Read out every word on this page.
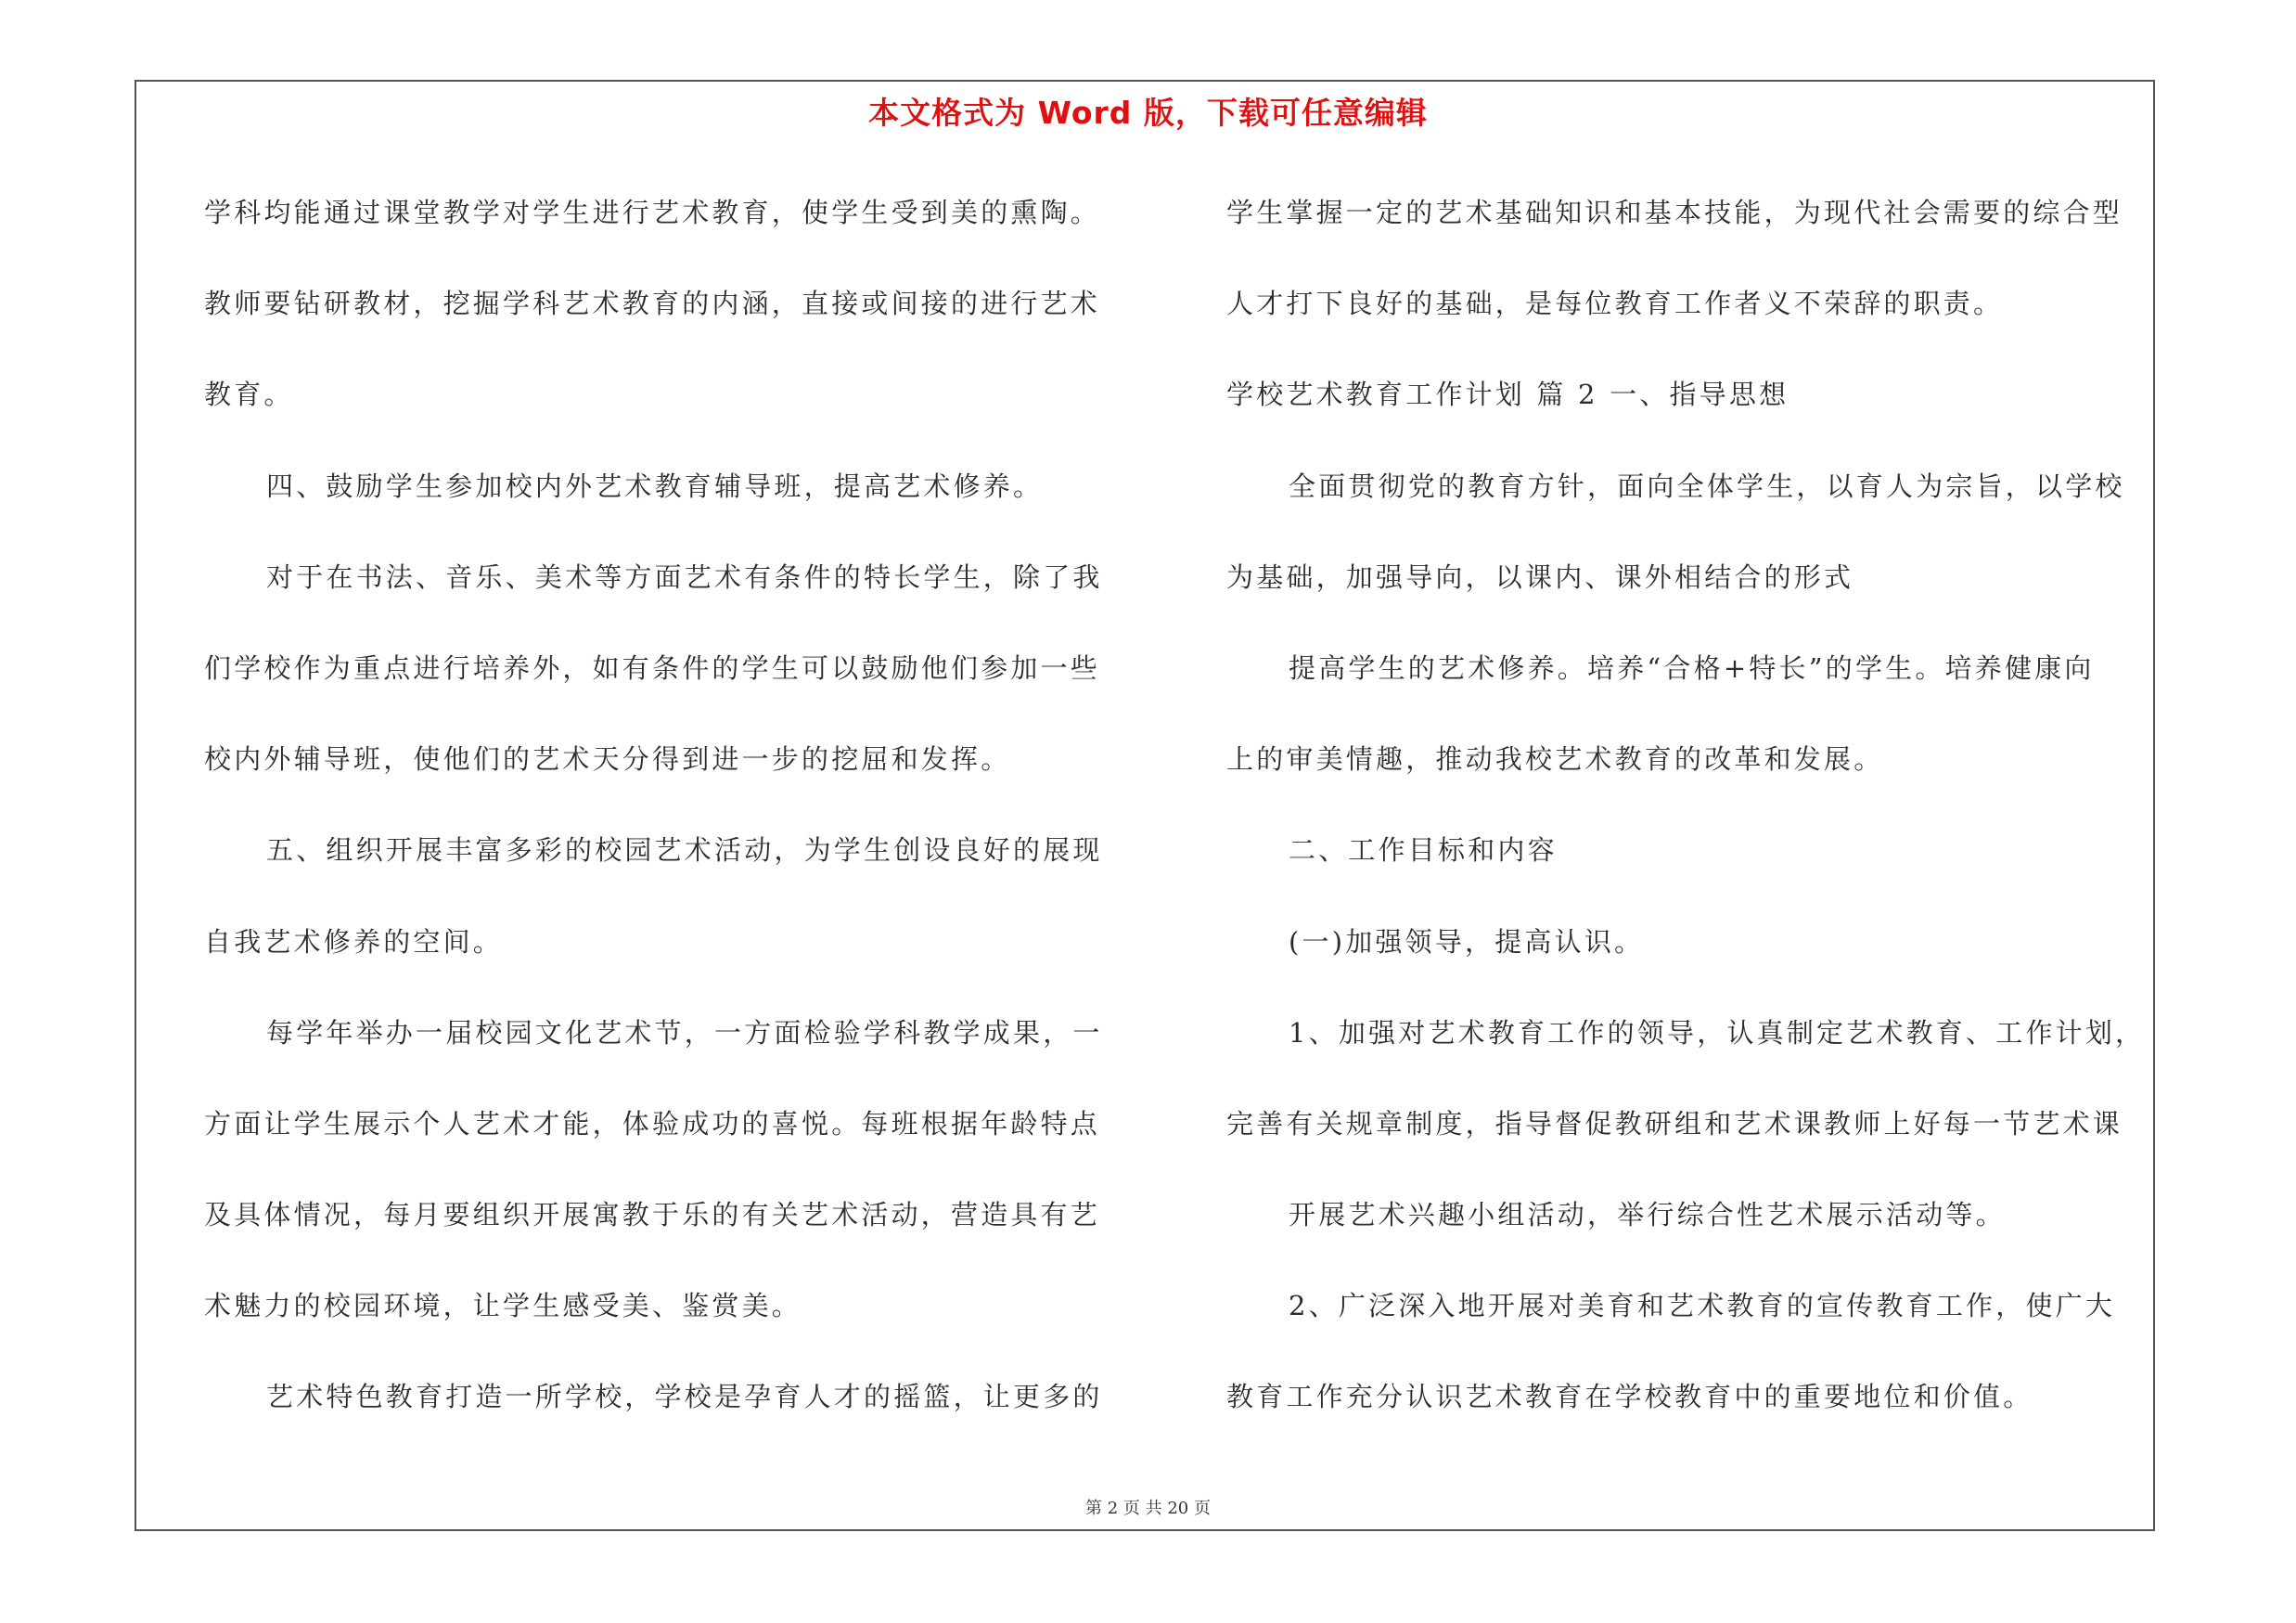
本文格式为 Word 版，下载可任意编辑
学科均能通过课堂教学对学生进行艺术教育，使学生受到美的熏陶。
教师要钻研教材，挖掘学科艺术教育的内涵，直接或间接的进行艺术
教育。
四、鼓励学生参加校内外艺术教育辅导班，提高艺术修养。
对于在书法、音乐、美术等方面艺术有条件的特长学生，除了我
们学校作为重点进行培养外，如有条件的学生可以鼓励他们参加一些
校内外辅导班，使他们的艺术天分得到进一步的挖屈和发挥。
五、组织开展丰富多彩的校园艺术活动，为学生创设良好的展现
自我艺术修养的空间。
每学年举办一届校园文化艺术节，一方面检验学科教学成果，一
方面让学生展示个人艺术才能，体验成功的喜悦。每班根据年龄特点
及具体情况，每月要组织开展寓教于乐的有关艺术活动，营造具有艺
术魅力的校园环境，让学生感受美、鉴赏美。
艺术特色教育打造一所学校，学校是孕育人才的摇篮，让更多的
学生掌握一定的艺术基础知识和基本技能，为现代社会需要的综合型
人才打下良好的基础，是每位教育工作者义不荣辞的职责。
学校艺术教育工作计划 篇 2 一、指导思想
全面贯彻党的教育方针，面向全体学生，以育人为宗旨，以学校
为基础，加强导向，以课内、课外相结合的形式
提高学生的艺术修养。培养“合格+特长”的学生。培养健康向
上的审美情趣，推动我校艺术教育的改革和发展。
二、工作目标和内容
(一)加强领导，提高认识。
1、加强对艺术教育工作的领导，认真制定艺术教育、工作计划，
完善有关规章制度，指导督促教研组和艺术课教师上好每一节艺术课
开展艺术兴趣小组活动，举行综合性艺术展示活动等。
2、广泛深入地开展对美育和艺术教育的宣传教育工作，使广大
教育工作充分认识艺术教育在学校教育中的重要地位和价值。
第 2 页 共 20 页
